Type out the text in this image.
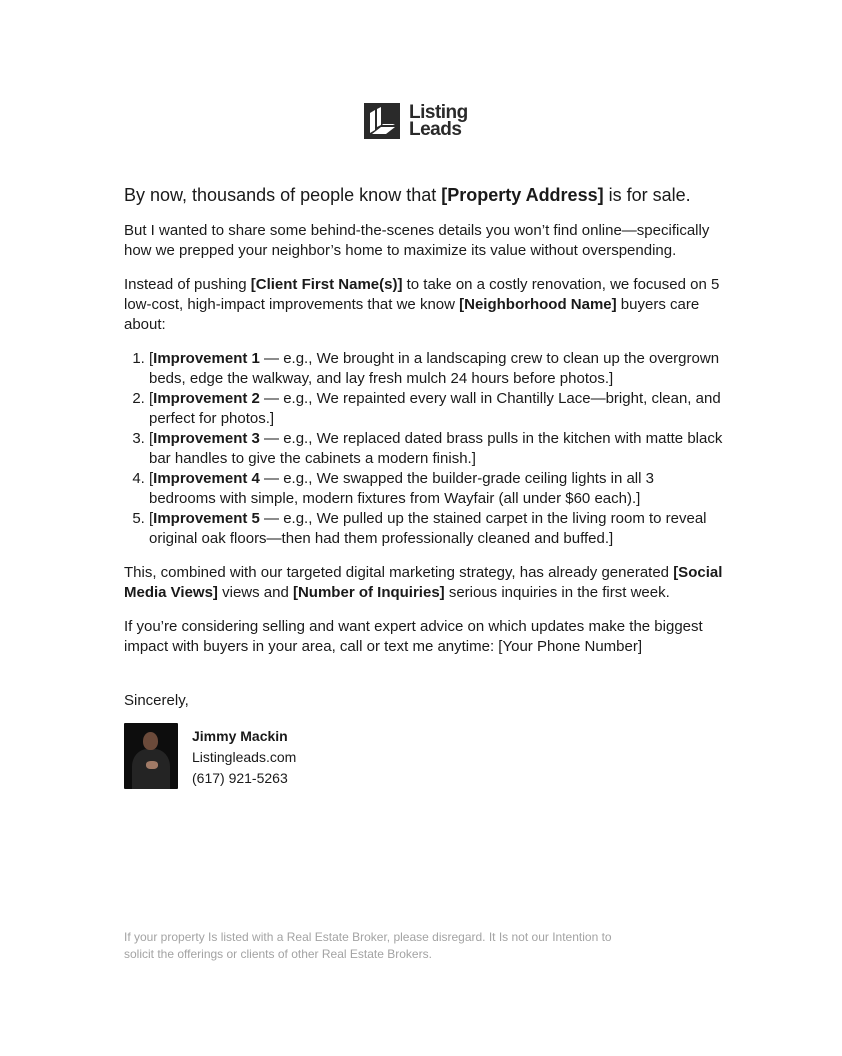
Listing
Leads

By now, thousands of people know that [Property Address] is for sale.

But I wanted to share some behind-the-scenes details you won’t find online—specifically how we prepped your neighbor’s home to maximize its value without overspending.

Instead of pushing [Client First Name(s)] to take on a costly renovation, we focused on 5 low-cost, high-impact improvements that we know [Neighborhood Name] buyers care about:

1. [Improvement 1 — e.g., We brought in a landscaping crew to clean up the overgrown beds, edge the walkway, and lay fresh mulch 24 hours before photos.]
2. [Improvement 2 — e.g., We repainted every wall in Chantilly Lace—bright, clean, and perfect for photos.]
3. [Improvement 3 — e.g., We replaced dated brass pulls in the kitchen with matte black bar handles to give the cabinets a modern finish.]
4. [Improvement 4 — e.g., We swapped the builder-grade ceiling lights in all 3 bedrooms with simple, modern fixtures from Wayfair (all under $60 each).]
5. [Improvement 5 — e.g., We pulled up the stained carpet in the living room to reveal original oak floors—then had them professionally cleaned and buffed.]

This, combined with our targeted digital marketing strategy, has already generated [Social Media Views] views and [Number of Inquiries] serious inquiries in the first week.

If you’re considering selling and want expert advice on which updates make the biggest impact with buyers in your area, call or text me anytime: [Your Phone Number]

Sincerely,

Jimmy Mackin
Listingleads.com
(617) 921-5263
If your property Is listed with a Real Estate Broker, please disregard. It Is not our Intention to solicit the offerings or clients of other Real Estate Brokers.
